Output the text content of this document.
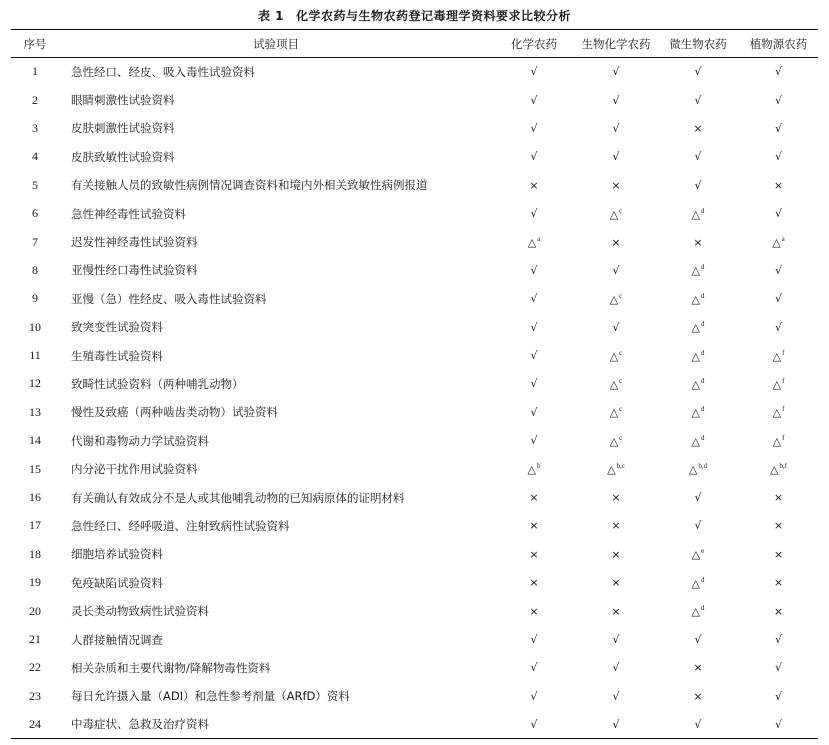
表 1 化学农药与生物农药登记毒理学资料要求比较分析
序号	试验项目	化学农药	生物化学农药	微生物农药	植物源农药
1	急性经口、经皮、吸入毒性试验资料	√	√	√	√
2	眼睛刺激性试验资料	√	√	√	√
3	皮肤刺激性试验资料	√	√	×	√
4	皮肤致敏性试验资料	√	√	√	√
5	有关接触人员的致敏性病例情况调查资料和境内外相关致敏性病例报道	×	×	√	×
6	急性神经毒性试验资料	√	△$^c$	△$^d$	√
7	迟发性神经毒性试验资料	△$^a$	×	×	△$^a$
8	亚慢性经口毒性试验资料	√	√	△$^d$	√
9	亚慢（急）性经皮、吸入毒性试验资料	√	△$^c$	△$^d$	√
10	致突变性试验资料	√	√	△$^d$	√
11	生殖毒性试验资料	√	△$^c$	△$^d$	△$^f$
12	致畸性试验资料（两种哺乳动物）	√	△$^c$	△$^d$	△$^f$
13	慢性及致癌（两种啮齿类动物）试验资料	√	△$^c$	△$^d$	△$^f$
14	代谢和毒物动力学试验资料	√	△$^c$	△$^d$	△$^f$
15	内分泌干扰作用试验资料	△$^b$	△$^{b,c}$	△$^{b,d}$	△$^{b,f}$
16	有关确认有效成分不是人或其他哺乳动物的已知病原体的证明材料	×	×	√	×
17	急性经口、经呼吸道、注射致病性试验资料	×	×	√	×
18	细胞培养试验资料	×	×	△$^e$	×
19	免疫缺陷试验资料	×	×	△$^d$	×
20	灵长类动物致病性试验资料	×	×	△$^d$	×
21	人群接触情况调查	√	√	√	√
22	相关杂质和主要代谢物/降解物毒性资料	√	√	×	√
23	每日允许摄入量（ADI）和急性参考剂量（ARfD）资料	√	√	×	√
24	中毒症状、急救及治疗资料	√	√	√	√
